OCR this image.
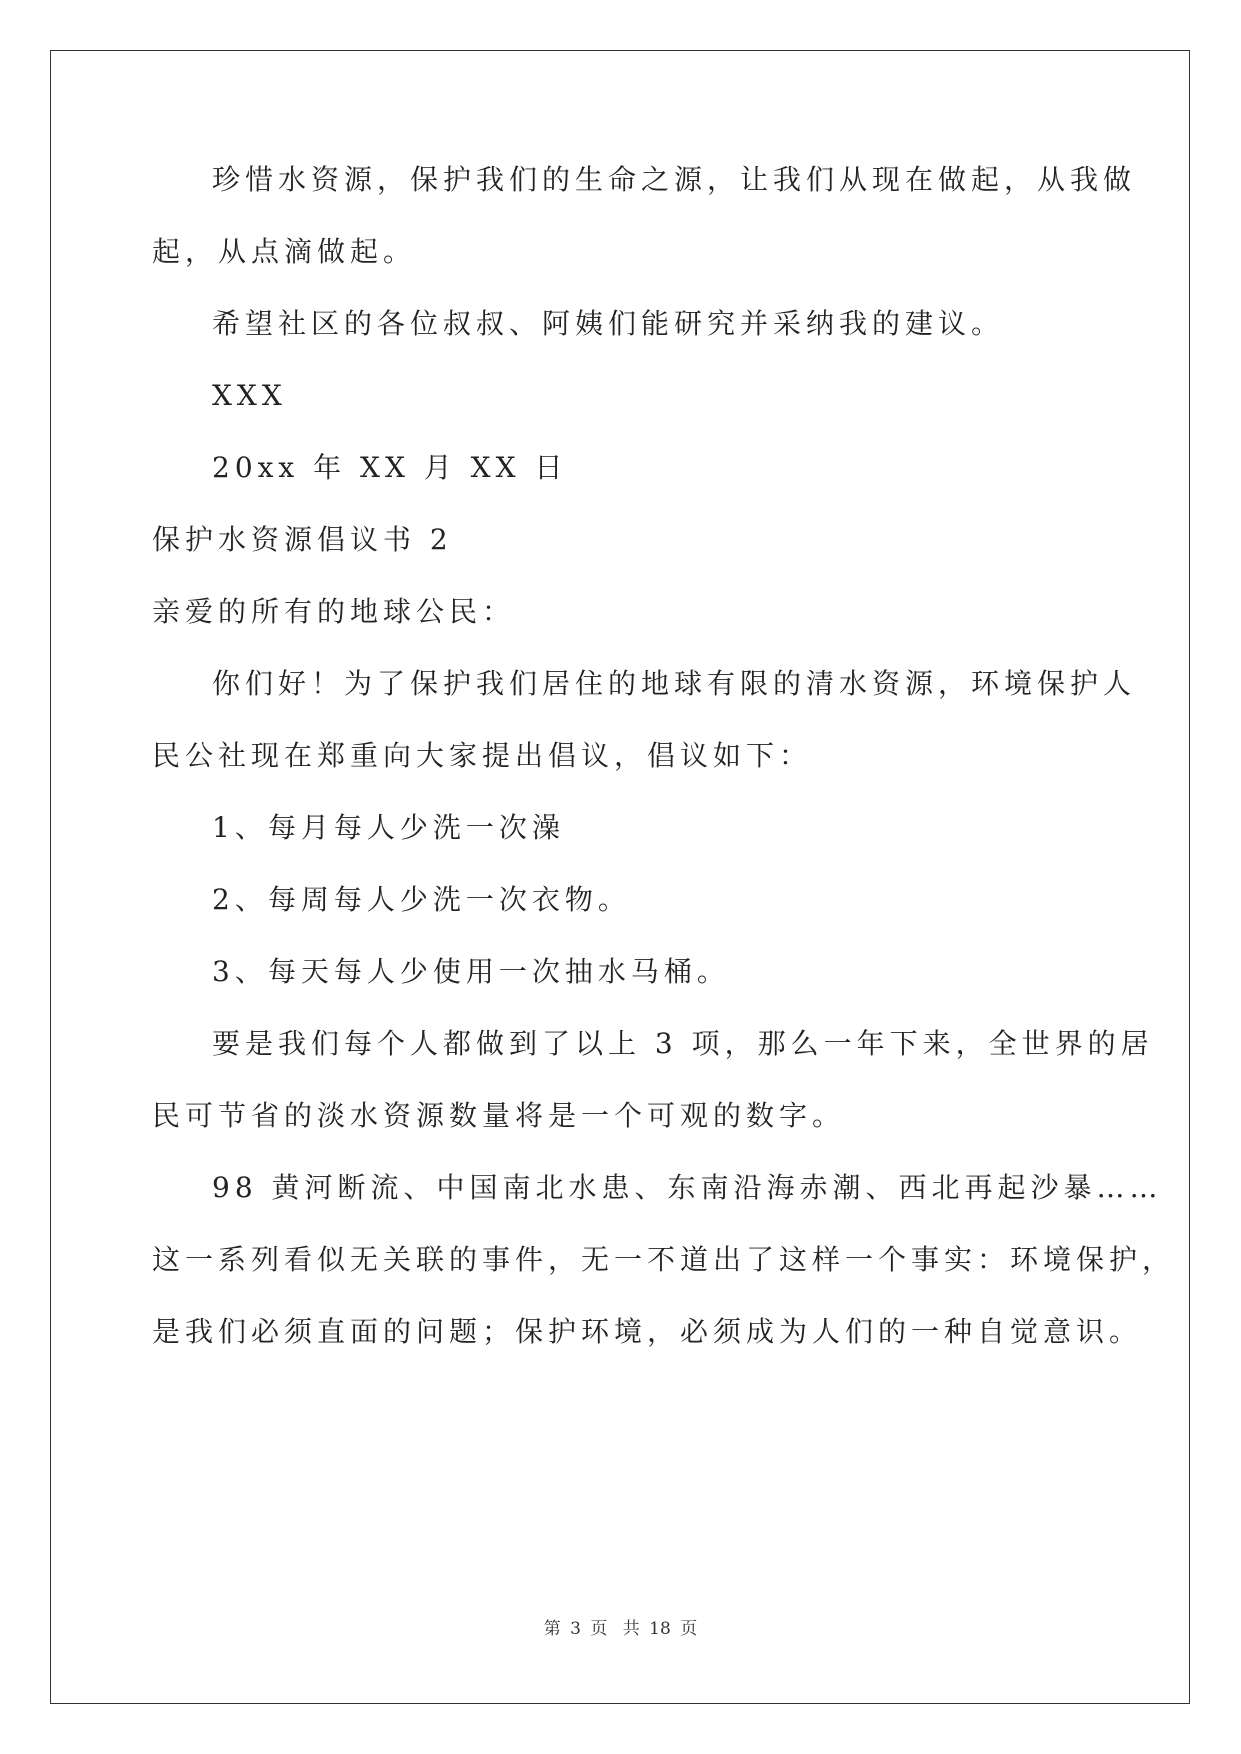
珍惜水资源，保护我们的生命之源，让我们从现在做起，从我做
起，从点滴做起。
希望社区的各位叔叔、阿姨们能研究并采纳我的建议。
XXX
20xx 年 XX 月 XX 日
保护水资源倡议书 2
亲爱的所有的地球公民：
你们好！为了保护我们居住的地球有限的清水资源，环境保护人
民公社现在郑重向大家提出倡议，倡议如下：
1、每月每人少洗一次澡
2、每周每人少洗一次衣物。
3、每天每人少使用一次抽水马桶。
要是我们每个人都做到了以上 3 项，那么一年下来，全世界的居
民可节省的淡水资源数量将是一个可观的数字。
98 黄河断流、中国南北水患、东南沿海赤潮、西北再起沙暴……
这一系列看似无关联的事件，无一不道出了这样一个事实：环境保护，
是我们必须直面的问题；保护环境，必须成为人们的一种自觉意识。
第 3 页 共 18 页
